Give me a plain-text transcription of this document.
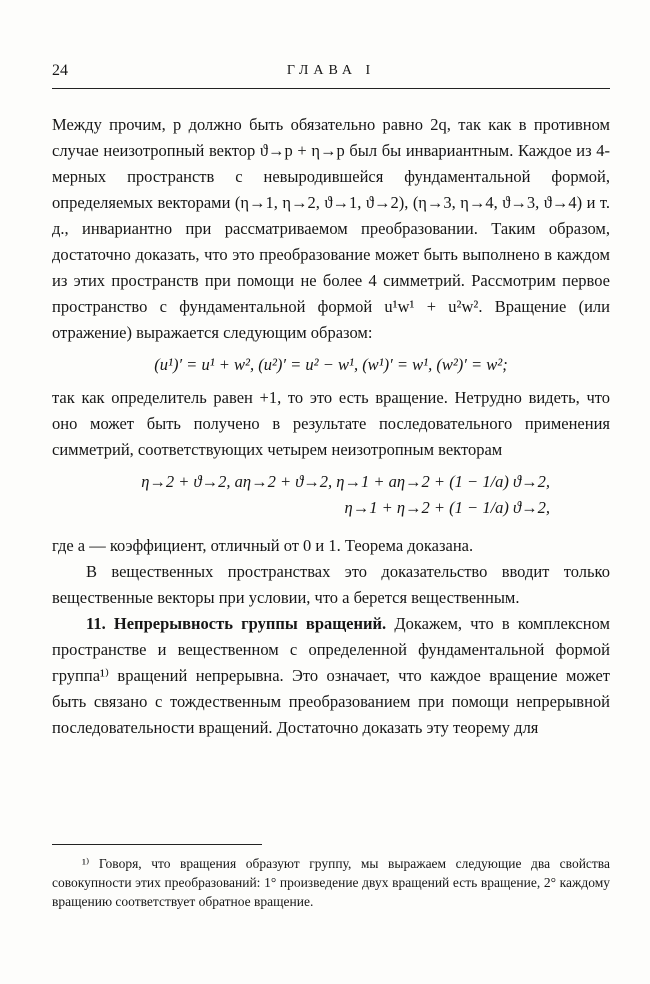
24	ГЛАВА I

Между прочим, p должно быть обязательно равно 2q, так как в противном случае неизотропный вектор ϑ→p + η→p был бы инвариантным. Каждое из 4-мерных пространств с невыродившейся фундаментальной формой, определяемых векторами (η→1, η→2, ϑ→1, ϑ→2), (η→3, η→4, ϑ→3, ϑ→4) и т. д., инвариантно при рассматриваемом преобразовании. Таким образом, достаточно доказать, что это преобразование может быть выполнено в каждом из этих пространств при помощи не более 4 симметрий. Рассмотрим первое пространство с фундаментальной формой u¹w¹ + u²w². Вращение (или отражение) выражается следующим образом:

(u¹)′ = u¹ + w², (u²)′ = u² − w¹, (w¹)′ = w¹, (w²)′ = w²;

так как определитель равен +1, то это есть вращение. Нетрудно видеть, что оно может быть получено в результате последовательного применения симметрий, соответствующих четырем неизотропным векторам

η→2 + ϑ→2, aη→2 + ϑ→2, η→1 + aη→2 + (1 − 1/a) ϑ→2,
η→1 + η→2 + (1 − 1/a) ϑ→2,

где a — коэффициент, отличный от 0 и 1. Теорема доказана.

В вещественных пространствах это доказательство вводит только вещественные векторы при условии, что a берется вещественным.

11. Непрерывность группы вращений. Докажем, что в комплексном пространстве и вещественном с определенной фундаментальной формой группа¹⁾ вращений непрерывна. Это означает, что каждое вращение может быть связано с тождественным преобразованием при помощи непрерывной последовательности вращений. Достаточно доказать эту теорему для

¹⁾ Говоря, что вращения образуют группу, мы выражаем следующие два свойства совокупности этих преобразований: 1° произведение двух вращений есть вращение, 2° каждому вращению соответствует обратное вращение.
